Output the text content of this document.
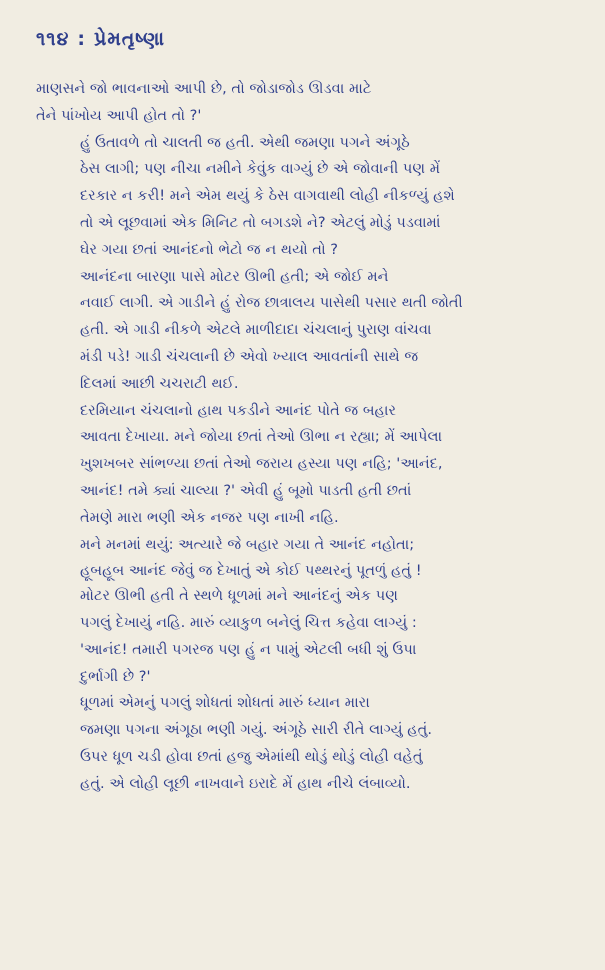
૧૧૪ : પ્રેમતૃષ્ણા

માણસને જો ભાવનાઓ આપી છે, તો જોડાજોડ ઊડવા માટે
તેને પાંખોય આપી હોત તો ?'

હું ઉતાવળે તો ચાલતી જ હતી. એથી જમણા પગને અંગૂઠે
ઠેસ લાગી; પણ નીચા નમીને કેવુંક વાગ્યું છે એ જોવાની પણ મેં
દરકાર ન કરી! મને એમ થયું કે ઠેસ વાગવાથી લોહી નીકળ્યું હશે
તો એ લૂછવામાં એક મિનિટ તો બગડશે ને? એટલું મોડું પડવામાં
ઘેર ગયા છતાં આનંદનો ભેટો જ ન થયો તો ?

આનંદના બારણા પાસે મોટર ઊભી હતી; એ જોઈ મને
નવાઈ લાગી. એ ગાડીને હું રોજ છાત્રાલય પાસેથી પસાર થતી જોતી
હતી. એ ગાડી નીકળે એટલે માળીદાદા ચંચલાનું પુરાણ વાંચવા
મંડી પડે! ગાડી ચંચલાની છે એવો ખ્યાલ આવતાંની સાથે જ
દિલમાં આછી ચચરાટી થઈ.

દરમિયાન ચંચલાનો હાથ પકડીને આનંદ પોતે જ બહાર
આવતા દેખાયા. મને જોયા છતાં તેઓ ઊભા ન રહ્યા; મેં આપેલા
ખુશખબર સાંભળ્યા છતાં તેઓ જરાય હસ્યા પણ નહિ; 'આનંદ,
આનંદ! તમે ક્યાં ચાલ્યા ?' એવી હું બૂમો પાડતી હતી છતાં
તેમણે મારા ભણી એક નજર પણ નાખી નહિ.

મને મનમાં થયું: અત્યારે જે બહાર ગયા તે આનંદ નહોતા;
હૂબહૂબ આનંદ જેવું જ દેખાતું એ કોઈ પથ્થરનું પૂતળું હતું !

મોટર ઊભી હતી તે સ્થળે ધૂળમાં મને આનંદનું એક પણ
પગલું દેખાયું નહિ. મારું વ્યાકુળ બનેલું ચિત્ત કહેવા લાગ્યું :
'આનંદ! તમારી પગરજ પણ હું ન પામું એટલી બધી શું ઉપા
દુર્ભાગી છે ?'

ધૂળમાં એમનું પગલું શોધતાં શોધતાં મારું ધ્યાન મારા
જમણા પગના અંગૂઠા ભણી ગયું. અંગૂઠે સારી રીતે લાગ્યું હતું.
ઉપર ધૂળ ચડી હોવા છતાં હજુ એમાંથી થોડું થોડું લોહી વહેતું
હતું. એ લોહી લૂછી નાખવાને ઇરાદે મેં હાથ નીચે લંબાવ્યો.
